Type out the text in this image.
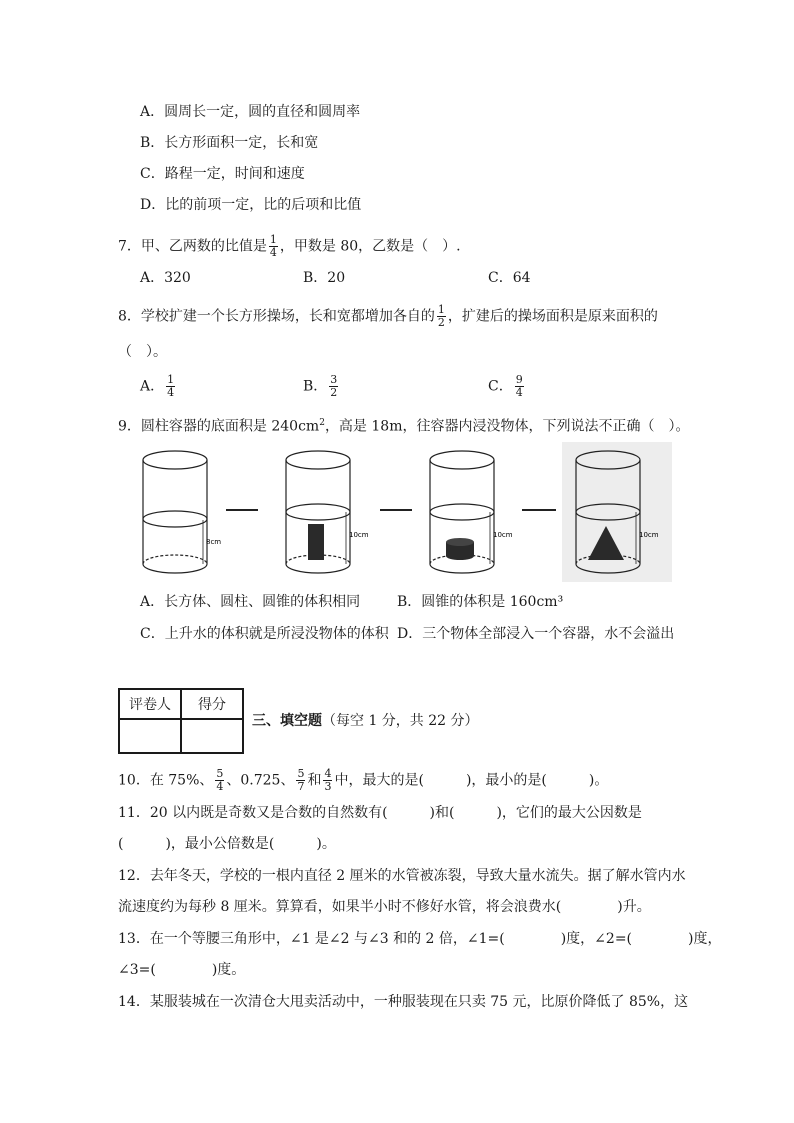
A．圆周长一定，圆的直径和圆周率
B．长方形面积一定，长和宽
C．路程一定，时间和速度
D．比的前项一定，比的后项和比值
7．甲、乙两数的比值是 $\frac{1}{4}$ ，甲数是 80，乙数是（　）.
A．320	B．20	C．64
8．学校扩建一个长方形操场，长和宽都增加各自的 $\frac{1}{2}$ ，扩建后的操场面积是原来面积的
（　）。
A． $\frac{1}{4}$	B． $\frac{3}{2}$	C． $\frac{9}{4}$
9．圆柱容器的底面积是 $240cm^2$，高是 18m，往容器内浸没物体，下列说法不正确（　）。
8cm
10cm	10cm	10cm
A．长方体、圆柱、圆锥的体积相同	B．圆锥的体积是 160cm³
C．上升水的体积就是所浸没物体的体积 D．三个物体全部浸入一个容器，水不会溢出
评卷人	得分

三、填空题（每空 1 分，共 22 分）
10．在 75%、 $\frac{5}{4}$ 、0.725、 $\frac{5}{7}$ 和 $\frac{4}{3}$ 中，最大的是(　　　)，最小的是(　　　)。
11．20 以内既是奇数又是合数的自然数有(　　　)和(　　　)，它们的最大公因数是
(　　　)，最小公倍数是(　　　)。
12．去年冬天，学校的一根内直径 2 厘米的水管被冻裂，导致大量水流失。据了解水管内水
流速度约为每秒 8 厘米。算算看，如果半小时不修好水管，将会浪费水(　　　　)升。
13．在一个等腰三角形中，∠1 是∠2 与∠3 和的 2 倍，∠1=(　　　　)度，∠2=(　　　　)度，
∠3=(　　　　)度。
14．某服装城在一次清仓大甩卖活动中，一种服装现在只卖 75 元，比原价降低了 85%，这
